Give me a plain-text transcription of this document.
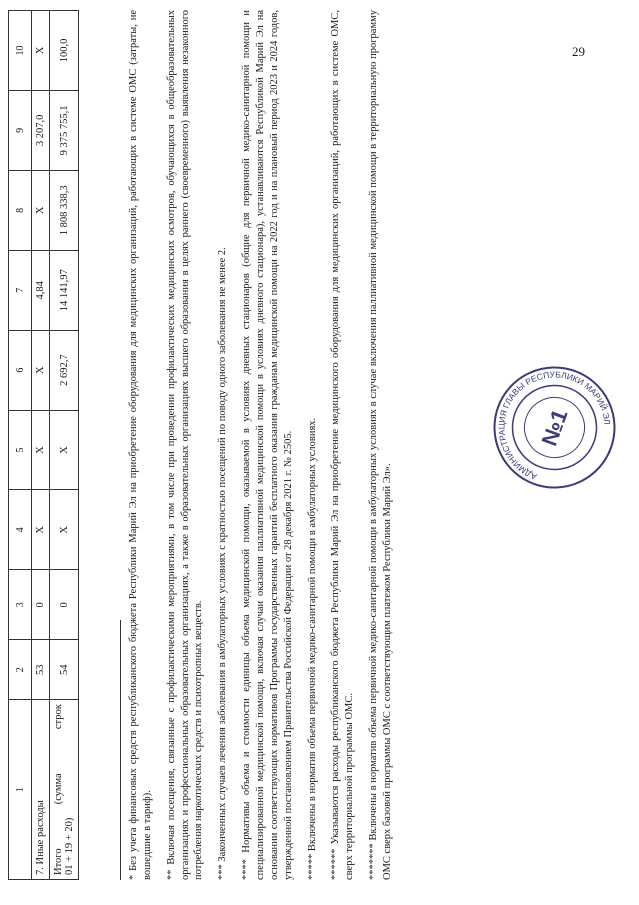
29
1	2	3	4	5	6	7	8	9	10
7. Иные расходы	53	0	Х	Х	Х	4,84	Х	3 207,0	Х

Итого
(сумма
строк
01 + 19 + 20)	54	0	Х	Х	2 692,7	14 141,97	1 808 338,3	9 375 755,1	100,0	* Без учета финансовых средств республиканского бюджета Республики Марий Эл на приобретение оборудования для медицинских организаций, работающих в системе ОМС (затраты, не вошедшие в тариф). ** Включая посещения, связанные с профилактическими мероприятиями, в том числе при проведении профилактических медицинских осмотров, обучающихся в общеобразовательных организациях и профессиональных образовательных организациях, а также в образовательных организациях высшего образования в целях раннего (своевременного) выявления незаконного потребления наркотических средств и психотропных веществ. *** Законченных случаев лечения заболевания в амбулаторных условиях с кратностью посещений по поводу одного заболевания не менее 2. **** Нормативы объема и стоимости единицы объема медицинской помощи, оказываемой в условиях дневных стационаров (общие для первичной медико-санитарной помощи и специализированной медицинской помощи, включая случаи оказания паллиативной медицинской помощи в условиях дневного стационара), устанавливаются Республикой Марий Эл на основании соответствующих нормативов Программы государственных гарантий бесплатного оказания гражданам медицинской помощи на 2022 год и на плановый период 2023 и 2024 годов, утвержденной постановлением Правительства Российской Федерации от 28 декабря 2021 г. № 2505. ***** Включены в норматив объема первичной медико-санитарной помощи в амбулаторных условиях. ****** Указываются расходы республиканского бюджета Республики Марий Эл на приобретение медицинского оборудования для медицинских организаций, работающих в системе ОМС, сверх территориальной программы ОМС. ******* Включены в норматив объема первичной медико-санитарной помощи в амбулаторных условиях в случае включения паллиативной медицинской помощи в территориальную программу ОМС сверх базовой программы ОМС с соответствующим платежом Республики Марий Эл».	АДМИНИСТРАЦИЯ ГЛАВЫ РЕСПУБЛИКИ МАРИЙ ЭЛ
№1
